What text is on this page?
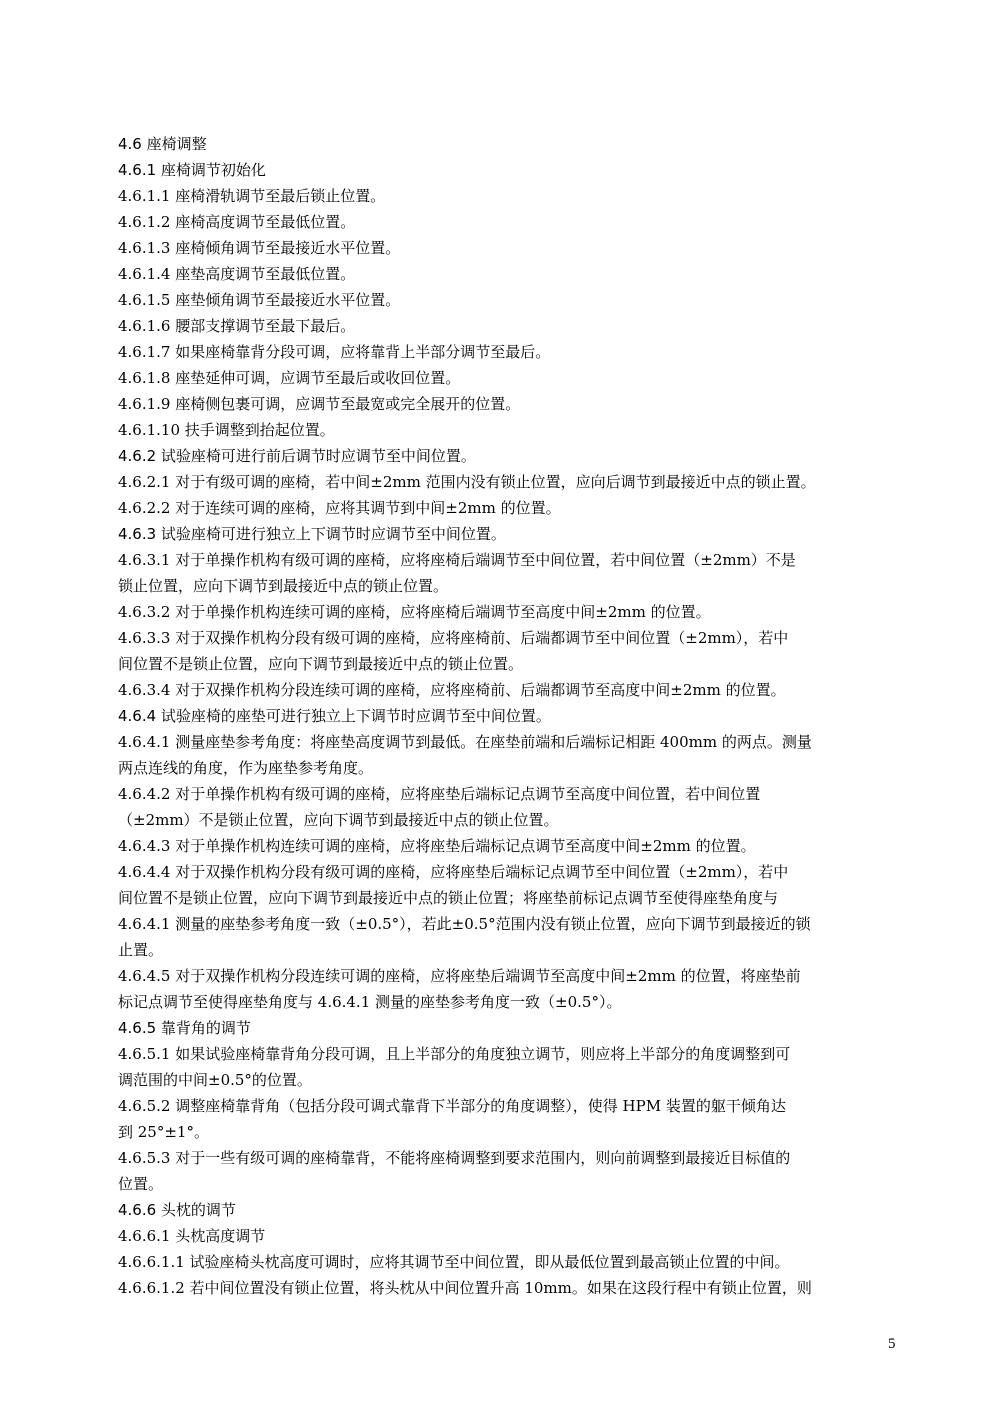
4.6 座椅调整
4.6.1 座椅调节初始化
4.6.1.1 座椅滑轨调节至最后锁止位置。
4.6.1.2 座椅高度调节至最低位置。
4.6.1.3 座椅倾角调节至最接近水平位置。
4.6.1.4 座垫高度调节至最低位置。
4.6.1.5 座垫倾角调节至最接近水平位置。
4.6.1.6 腰部支撑调节至最下最后。
4.6.1.7 如果座椅靠背分段可调，应将靠背上半部分调节至最后。
4.6.1.8 座垫延伸可调，应调节至最后或收回位置。
4.6.1.9 座椅侧包裹可调，应调节至最宽或完全展开的位置。
4.6.1.10 扶手调整到抬起位置。
4.6.2 试验座椅可进行前后调节时应调节至中间位置。
4.6.2.1 对于有级可调的座椅，若中间±2mm 范围内没有锁止位置，应向后调节到最接近中点的锁止置。
4.6.2.2 对于连续可调的座椅，应将其调节到中间±2mm 的位置。
4.6.3 试验座椅可进行独立上下调节时应调节至中间位置。
4.6.3.1 对于单操作机构有级可调的座椅，应将座椅后端调节至中间位置，若中间位置（±2mm）不是
锁止位置，应向下调节到最接近中点的锁止位置。
4.6.3.2 对于单操作机构连续可调的座椅，应将座椅后端调节至高度中间±2mm 的位置。
4.6.3.3 对于双操作机构分段有级可调的座椅，应将座椅前、后端都调节至中间位置（±2mm），若中
间位置不是锁止位置，应向下调节到最接近中点的锁止位置。
4.6.3.4 对于双操作机构分段连续可调的座椅，应将座椅前、后端都调节至高度中间±2mm 的位置。
4.6.4 试验座椅的座垫可进行独立上下调节时应调节至中间位置。
4.6.4.1 测量座垫参考角度：将座垫高度调节到最低。在座垫前端和后端标记相距 400mm 的两点。测量
两点连线的角度，作为座垫参考角度。
4.6.4.2 对于单操作机构有级可调的座椅，应将座垫后端标记点调节至高度中间位置，若中间位置
（±2mm）不是锁止位置，应向下调节到最接近中点的锁止位置。
4.6.4.3 对于单操作机构连续可调的座椅，应将座垫后端标记点调节至高度中间±2mm 的位置。
4.6.4.4 对于双操作机构分段有级可调的座椅，应将座垫后端标记点调节至中间位置（±2mm），若中
间位置不是锁止位置，应向下调节到最接近中点的锁止位置；将座垫前标记点调节至使得座垫角度与
4.6.4.1 测量的座垫参考角度一致（±0.5°），若此±0.5°范围内没有锁止位置，应向下调节到最接近的锁
止置。
4.6.4.5 对于双操作机构分段连续可调的座椅，应将座垫后端调节至高度中间±2mm 的位置，将座垫前
标记点调节至使得座垫角度与 4.6.4.1 测量的座垫参考角度一致（±0.5°）。
4.6.5 靠背角的调节
4.6.5.1 如果试验座椅靠背角分段可调，且上半部分的角度独立调节，则应将上半部分的角度调整到可
调范围的中间±0.5°的位置。
4.6.5.2 调整座椅靠背角（包括分段可调式靠背下半部分的角度调整），使得 HPM 装置的躯干倾角达
到 25°±1°。
4.6.5.3 对于一些有级可调的座椅靠背，不能将座椅调整到要求范围内，则向前调整到最接近目标值的
位置。
4.6.6 头枕的调节
4.6.6.1 头枕高度调节
4.6.6.1.1 试验座椅头枕高度可调时，应将其调节至中间位置，即从最低位置到最高锁止位置的中间。
4.6.6.1.2 若中间位置没有锁止位置，将头枕从中间位置升高 10mm。如果在这段行程中有锁止位置，则
5
